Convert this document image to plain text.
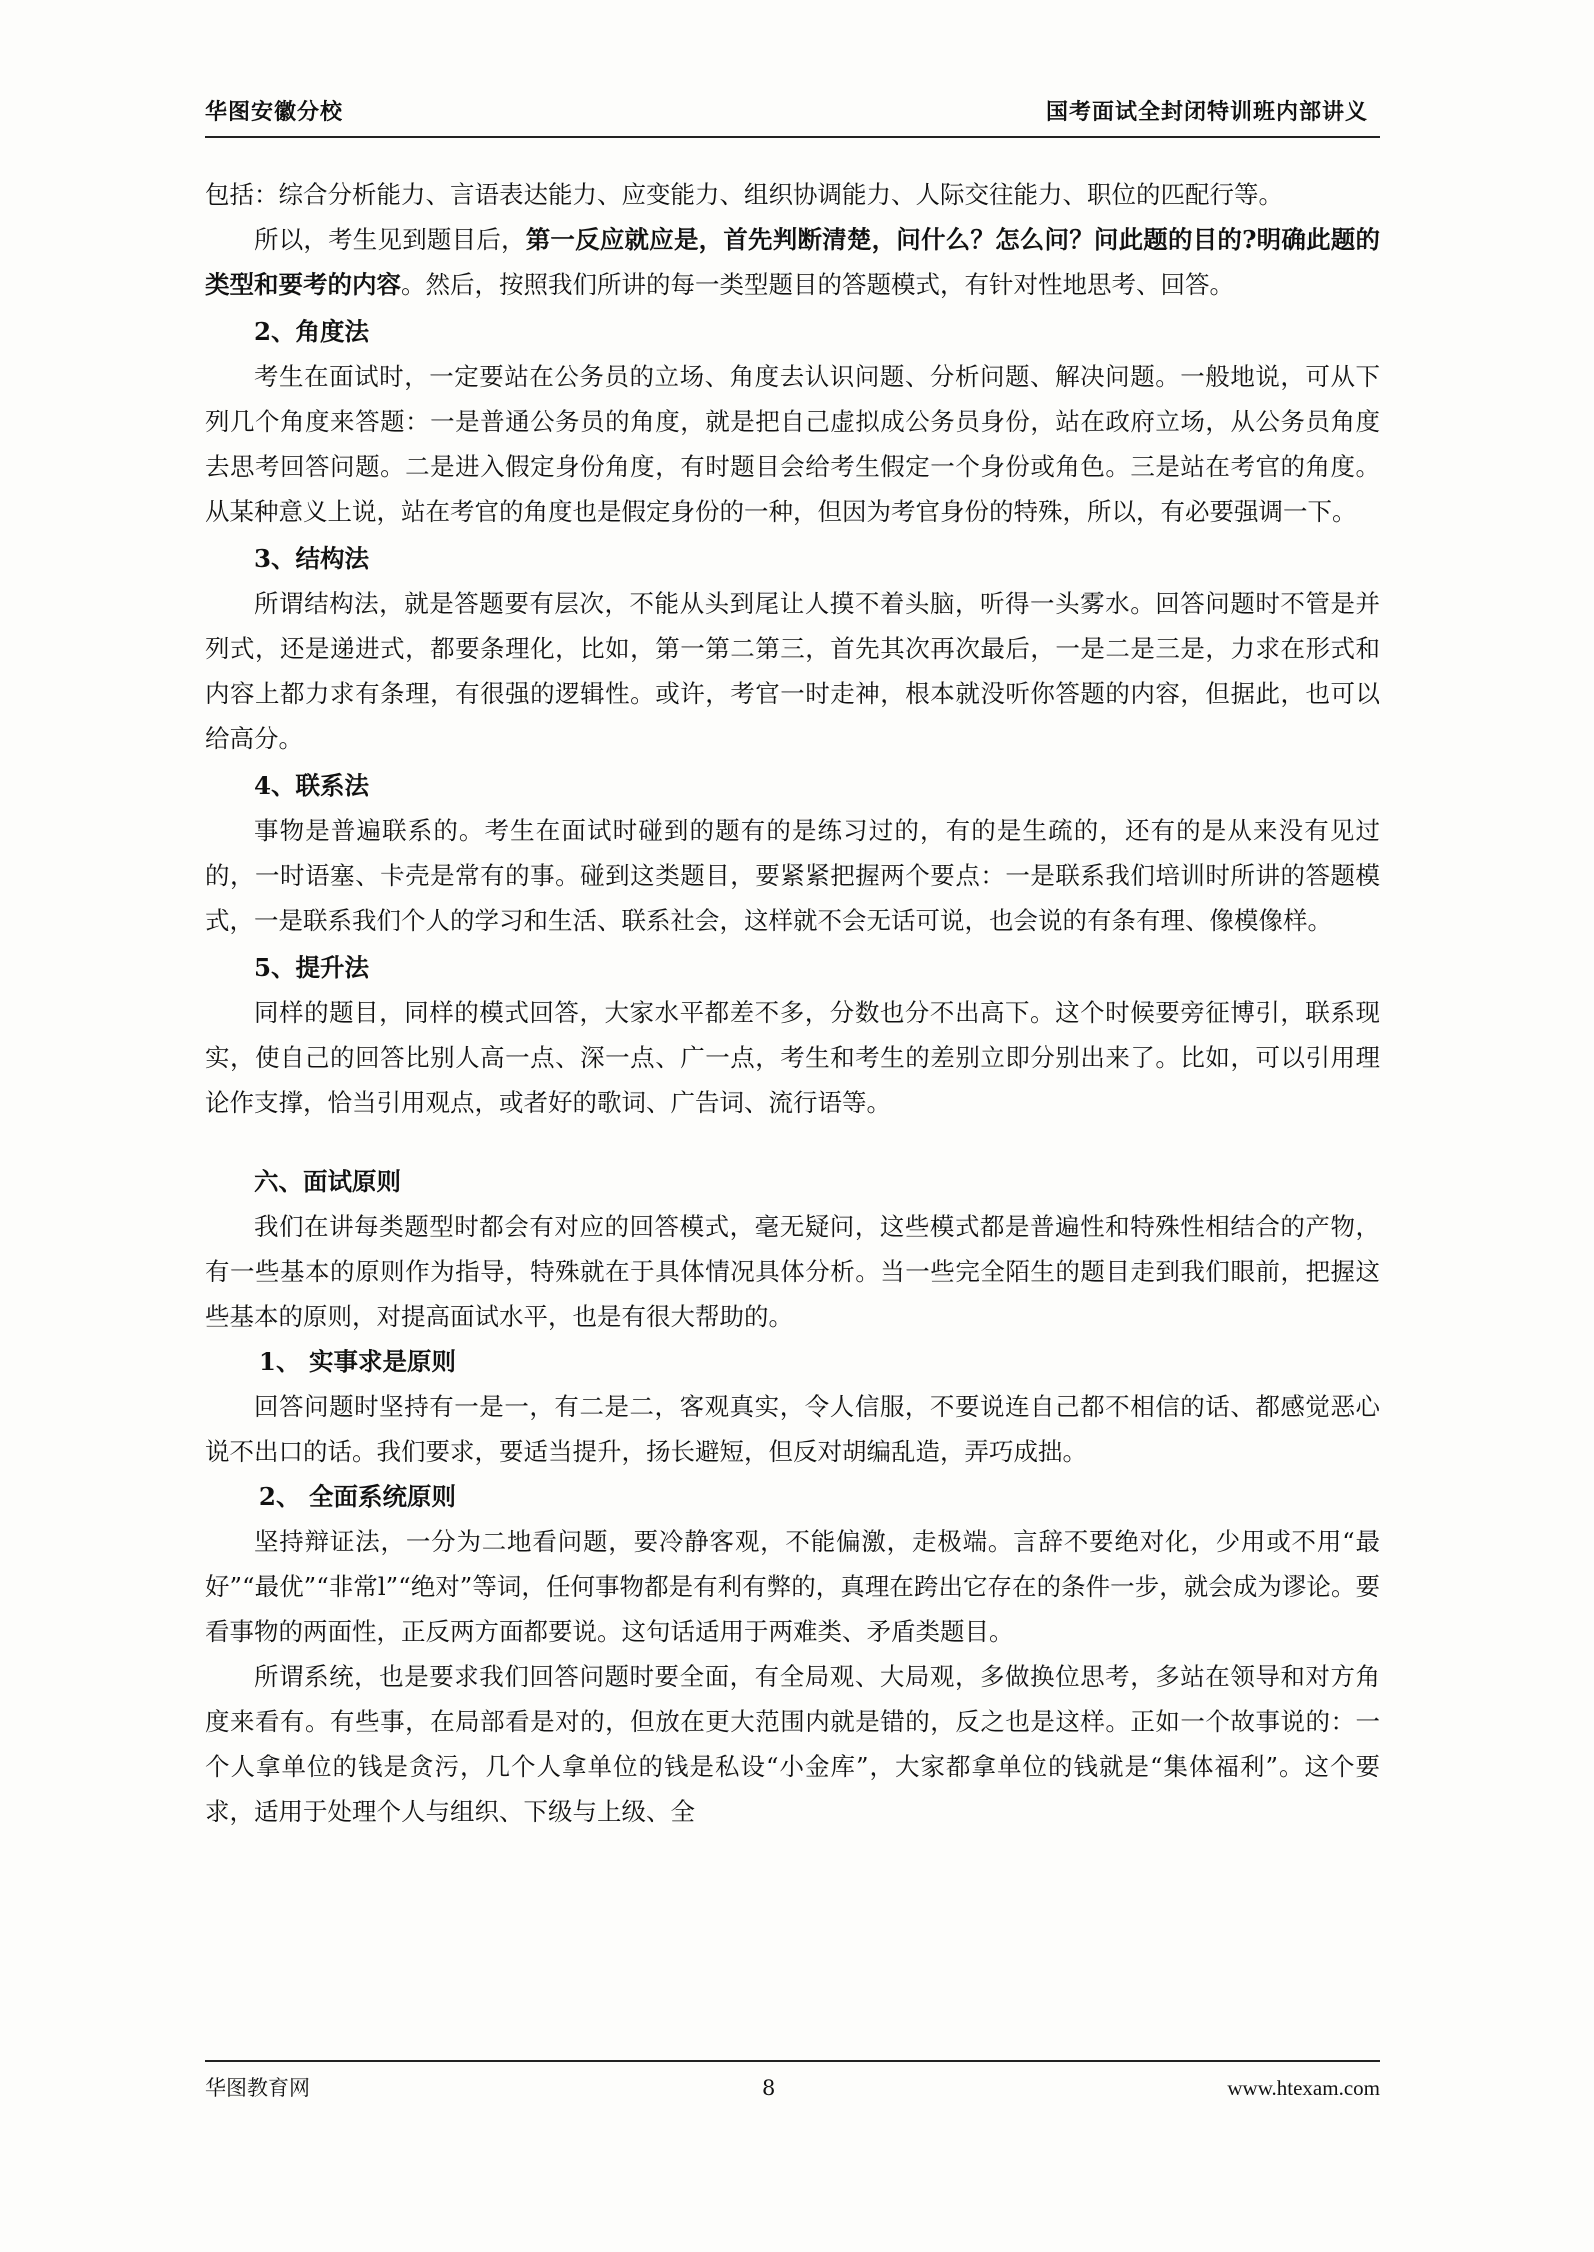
华图安徽分校	国考面试全封闭特训班内部讲义

包括：综合分析能力、言语表达能力、应变能力、组织协调能力、人际交往能力、职位的匹配行等。

所以，考生见到题目后，第一反应就应是，首先判断清楚，问什么？怎么问？问此题的目的?明确此题的类型和要考的内容。然后，按照我们所讲的每一类型题目的答题模式，有针对性地思考、回答。

2、角度法

考生在面试时，一定要站在公务员的立场、角度去认识问题、分析问题、解决问题。一般地说，可从下列几个角度来答题：一是普通公务员的角度，就是把自己虚拟成公务员身份，站在政府立场，从公务员角度去思考回答问题。二是进入假定身份角度，有时题目会给考生假定一个身份或角色。三是站在考官的角度。从某种意义上说，站在考官的角度也是假定身份的一种，但因为考官身份的特殊，所以，有必要强调一下。

3、结构法

所谓结构法，就是答题要有层次，不能从头到尾让人摸不着头脑，听得一头雾水。回答问题时不管是并列式，还是递进式，都要条理化，比如，第一第二第三，首先其次再次最后，一是二是三是，力求在形式和内容上都力求有条理，有很强的逻辑性。或许，考官一时走神，根本就没听你答题的内容，但据此，也可以给高分。

4、联系法

事物是普遍联系的。考生在面试时碰到的题有的是练习过的，有的是生疏的，还有的是从来没有见过的，一时语塞、卡壳是常有的事。碰到这类题目，要紧紧把握两个要点：一是联系我们培训时所讲的答题模式，一是联系我们个人的学习和生活、联系社会，这样就不会无话可说，也会说的有条有理、像模像样。

5、提升法

同样的题目，同样的模式回答，大家水平都差不多，分数也分不出高下。这个时候要旁征博引，联系现实，使自己的回答比别人高一点、深一点、广一点，考生和考生的差别立即分别出来了。比如，可以引用理论作支撑，恰当引用观点，或者好的歌词、广告词、流行语等。

六、面试原则

我们在讲每类题型时都会有对应的回答模式，毫无疑问，这些模式都是普遍性和特殊性相结合的产物，有一些基本的原则作为指导，特殊就在于具体情况具体分析。当一些完全陌生的题目走到我们眼前，把握这些基本的原则，对提高面试水平，也是有很大帮助的。

1、 实事求是原则

回答问题时坚持有一是一，有二是二，客观真实，令人信服，不要说连自己都不相信的话、都感觉恶心说不出口的话。我们要求，要适当提升，扬长避短，但反对胡编乱造，弄巧成拙。

2、 全面系统原则

坚持辩证法，一分为二地看问题，要冷静客观，不能偏激，走极端。言辞不要绝对化，少用或不用“最好”“最优”“非常l”“绝对”等词，任何事物都是有利有弊的，真理在跨出它存在的条件一步，就会成为谬论。要看事物的两面性，正反两方面都要说。这句话适用于两难类、矛盾类题目。

所谓系统，也是要求我们回答问题时要全面，有全局观、大局观，多做换位思考，多站在领导和对方角度来看有。有些事，在局部看是对的，但放在更大范围内就是错的，反之也是这样。正如一个故事说的：一个人拿单位的钱是贪污，几个人拿单位的钱是私设“小金库”，大家都拿单位的钱就是“集体福利”。这个要求，适用于处理个人与组织、下级与上级、全

华图教育网	8	www.htexam.com
